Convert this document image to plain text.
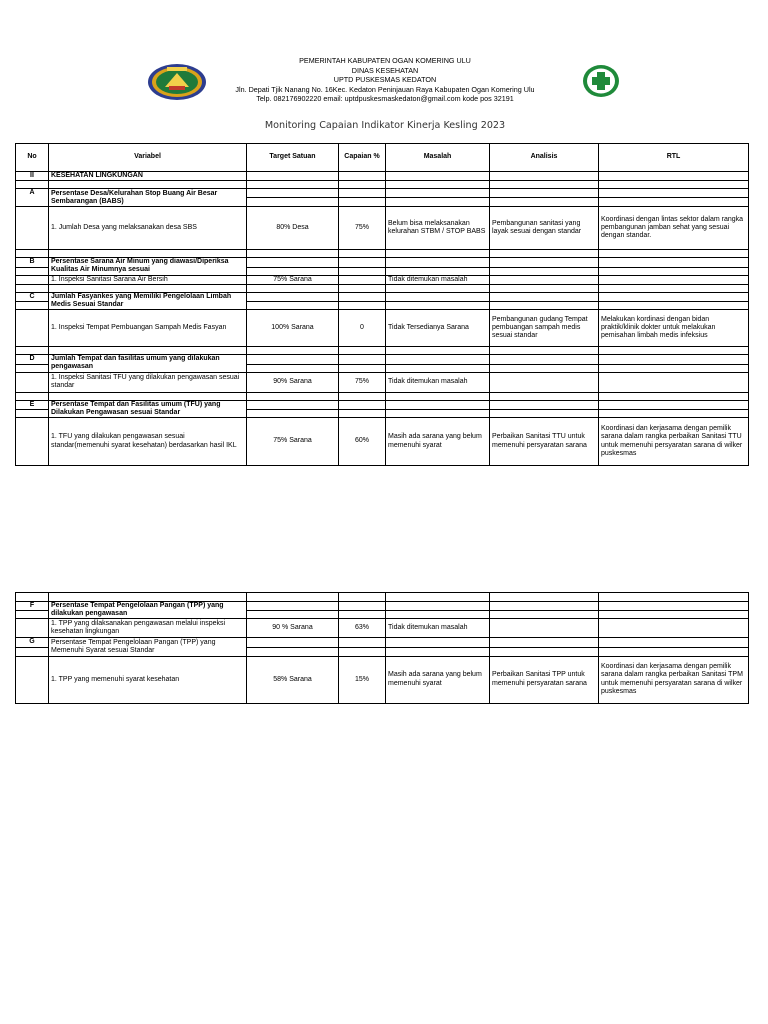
PEMERINTAH KABUPATEN OGAN KOMERING ULU
DINAS KESEHATAN
UPTD PUSKESMAS KEDATON
Jln. Depati Tjik Nanang No. 16Kec. Kedaton Peninjauan Raya Kabupaten Ogan Komering Ulu
Telp. 082176902220 email: uptdpuskesmaskedaton@gmail.com kode pos 32191
Monitoring Capaian Indikator Kinerja Kesling 2023
No	Variabel	Target Satuan	Capaian %	Masalah	Analisis	RTL
II	KESEHATAN LINGKUNGAN					

A	Persentase Desa/Kelurahan Stop Buang Air Besar Sembarangan (BABS)					

	1. Jumlah Desa yang melaksanakan desa SBS	80% Desa	75%	Belum bisa melaksanakan kelurahan STBM / STOP BABS	Pembangunan sanitasi yang layak sesuai dengan standar	Koordinasi dengan lintas sektor dalam rangka pembangunan jamban sehat yang sesuai dengan standar.

B	Persentase Sarana Air Minum yang diawasi/Diperiksa Kualitas Air Minumnya sesuai					

	1. Inspeksi Sanitasi Sarana Air Bersih	75% Sarana		Tidak ditemukan masalah		

C	Jumlah Fasyankes yang Memiliki Pengelolaan Limbah Medis Sesuai Standar					

	1. Inspeksi Tempat Pembuangan Sampah Medis Fasyan	100% Sarana	0	Tidak Tersedianya Sarana	Pembangunan gudang Tempat pembuangan sampah medis sesuai standar	Melakukan kordinasi dengan bidan praktik/klinik dokter untuk melakukan pemisahan limbah medis infeksius

D	Jumlah Tempat dan fasilitas umum yang dilakukan pengawasan					

	1. Inspeksi Sanitasi TFU yang dilakukan pengawasan sesuai standar	90% Sarana	75%	Tidak ditemukan masalah		

E	Persentase Tempat dan Fasilitas umum (TFU) yang Dilakukan Pengawasan sesuai Standar					

	1. TFU yang dilakukan pengawasan sesuai standar(memenuhi syarat kesehatan) berdasarkan hasil IKL	75% Sarana	60%	Masih ada sarana yang belum memenuhi syarat	Perbaikan Sanitasi TTU untuk memenuhi persyaratan sarana	Koordinasi dan kerjasama dengan pemilik sarana dalam rangka perbaikan Sanitasi TTU untuk memenuhi persyaratan sarana di wilker puskesmas

F	Persentase Tempat Pengelolaan Pangan (TPP) yang dilakukan pengawasan					

	1. TPP yang dilaksanakan pengawasan melalui inspeksi kesehatan lingkungan	90 % Sarana	63%	Tidak ditemukan masalah		
G	Persentase Tempat Pengelolaan Pangan (TPP) yang Memenuhi Syarat sesuai Standar					

	1. TPP yang memenuhi syarat kesehatan	58% Sarana	15%	Masih ada sarana yang belum memenuhi syarat	Perbaikan Sanitasi TPP untuk memenuhi persyaratan sarana	Koordinasi dan kerjasama dengan pemilik sarana dalam rangka perbaikan Sanitasi TPM untuk memenuhi persyaratan sarana di wilker puskesmas
